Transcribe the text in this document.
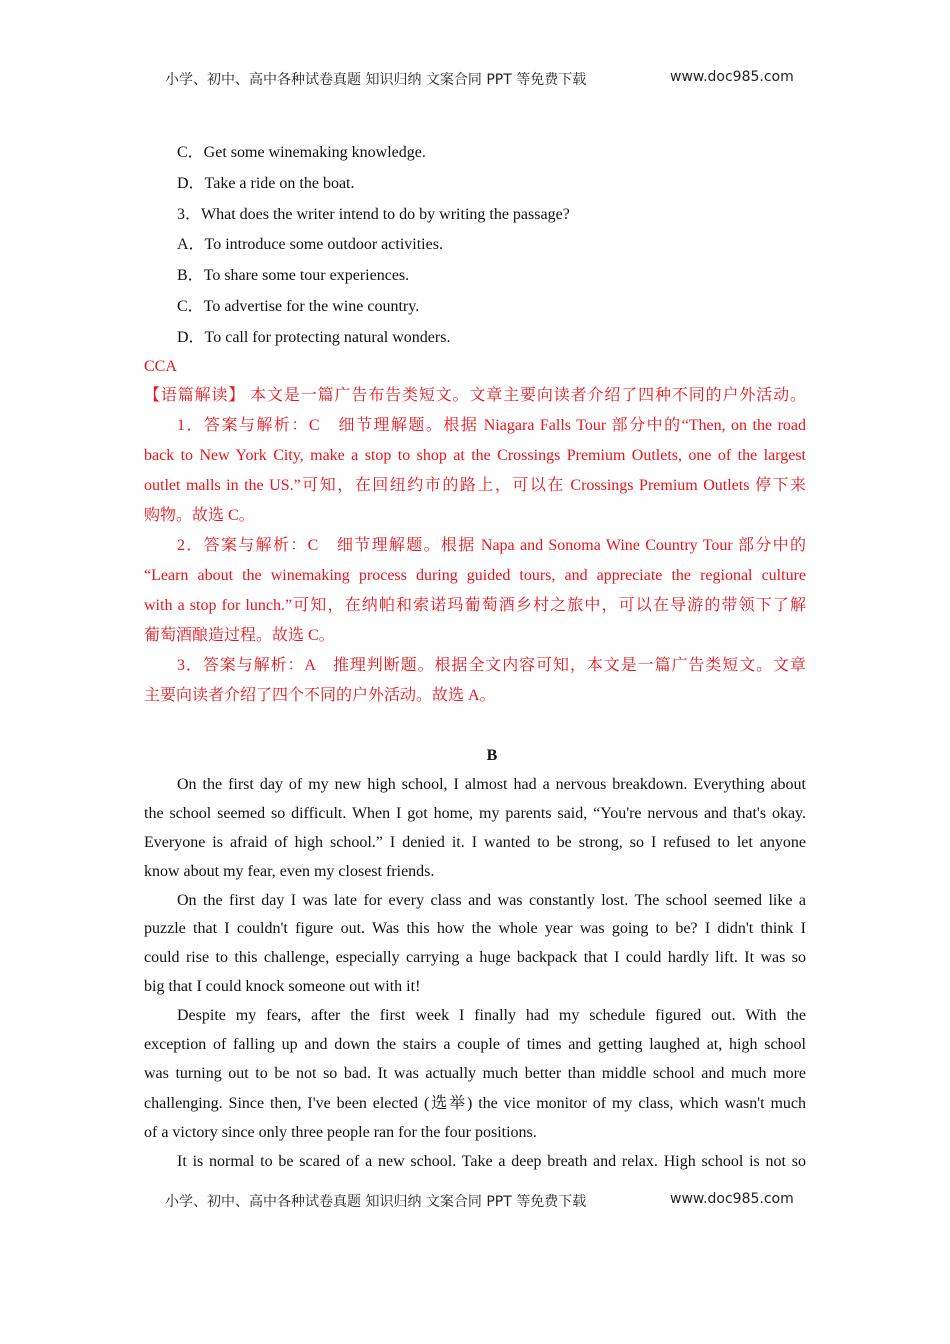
小学、初中、高中各种试卷真题 知识归纳 文案合同 PPT 等免费下载	www.doc985.com
C．Get some winemaking knowledge.
D．Take a ride on the boat.
3．What does the writer intend to do by writing the passage?
A．To introduce some outdoor activities.
B．To share some tour experiences.
C．To advertise for the wine country.
D．To call for protecting natural wonders.
CCA
【语篇解读】 本文是一篇广告布告类短文。文章主要向读者介绍了四种不同的户外活动。
1．答案与解析：C　细节理解题。根据 Niagara Falls Tour 部分中的“Then, on the road
back to New York City, make a stop to shop at the Crossings Premium Outlets, one of the largest
outlet malls in the US.”可知，在回纽约市的路上，可以在 Crossings Premium Outlets 停下来
购物。故选 C。
2．答案与解析：C　细节理解题。根据 Napa and Sonoma Wine Country Tour 部分中的
“Learn about the winemaking process during guided tours, and appreciate the regional culture
with a stop for lunch.”可知，在纳帕和索诺玛葡萄酒乡村之旅中，可以在导游的带领下了解
葡萄酒酿造过程。故选 C。
3．答案与解析：A　推理判断题。根据全文内容可知，本文是一篇广告类短文。文章
主要向读者介绍了四个不同的户外活动。故选 A。
B
On the first day of my new high school, I almost had a nervous breakdown. Everything about
the school seemed so difficult. When I got home, my parents said, “You're nervous and that's okay.
Everyone is afraid of high school.” I denied it. I wanted to be strong, so I refused to let anyone
know about my fear, even my closest friends.
On the first day I was late for every class and was constantly lost. The school seemed like a
puzzle that I couldn't figure out. Was this how the whole year was going to be? I didn't think I
could rise to this challenge, especially carrying a huge backpack that I could hardly lift. It was so
big that I could knock someone out with it!
Despite my fears, after the first week I finally had my schedule figured out. With the
exception of falling up and down the stairs a couple of times and getting laughed at, high school
was turning out to be not so bad. It was actually much better than middle school and much more
challenging. Since then, I've been elected (选举) the vice monitor of my class, which wasn't much
of a victory since only three people ran for the four positions.
It is normal to be scared of a new school. Take a deep breath and relax. High school is not so
小学、初中、高中各种试卷真题 知识归纳 文案合同 PPT 等免费下载	www.doc985.com
